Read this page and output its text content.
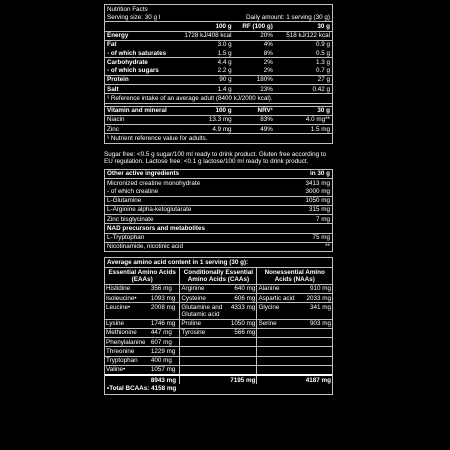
Nutrition Facts			
Serving size: 30 g l		Daily amount: 1 serving (30 g)	
	100 g	RF (100 g)	30 g
Energy	1728 kJ/408 kcal	20%	518 kJ/122 kcal
Fat	3.0 g	4%	0.9 g
- of which saturates	1.5 g	8%	0.5 g
Carbohydrate	4.4 g	2%	1.3 g
- of which sugars	2.2 g	2%	0.7 g
Protein	90 g	180%	27 g
Salt	1.4 g	23%	0.42 g
¹ Reference intake of an average adult (8400 kJ/2000 kcal).			

Vitamin and mineral	100 g	NRV¹	30 g
Niacin	13.3 mg	83%	4.0 mg**
Zinc	4.9 mg	49%	1.5 mg
¹ Nutrient reference value for adults.			
Sugar free: <0.5 g sugar/100 ml ready to drink product. Gluten free according to EU regulation. Lactose free: <0.1 g lactose/100 ml ready to drink product.
Other active ingredients	in 30 g
Micronized creatine monohydrate	3413 mg
- of which creatine	3000 mg
L-Glutamine	1050 mg
L-Arginine alpha-ketoglutarate	315 mg
Zinc bisglycinate	7 mg
NAD precursors and metabolites	
L-Tryptophan	75 mg
Nicotinamide, nicotinic acid	**
Average amino acid content in 1 serving (30 g):
Essential Amino Acids (EAAs)		Conditionally Essential Amino Acids (CAAs)		Nonessential Amino Acids (NAAs)	
Histidine	356 mg	Arginine	640 mg	Alanine	910 mg
Isoleucine•	1093 mg	Cysteine	606 mg	Aspartic acid	2033 mg
Leucine•	2008 mg	Glutamine and Glutamic acid	4333 mg	Glycine	341 mg
Lysine	1746 mg	Proline	1050 mg	Serine	903 mg
Methionine	447 mg	Tyrosine	566 mg		
Phenylalanine	607 mg				
Threonine	1229 mg				
Tryptophan	400 mg				
Valine•	1057 mg				
	8943 mg		7195 mg		4187 mg
•Total BCAAs: 4158 mg
